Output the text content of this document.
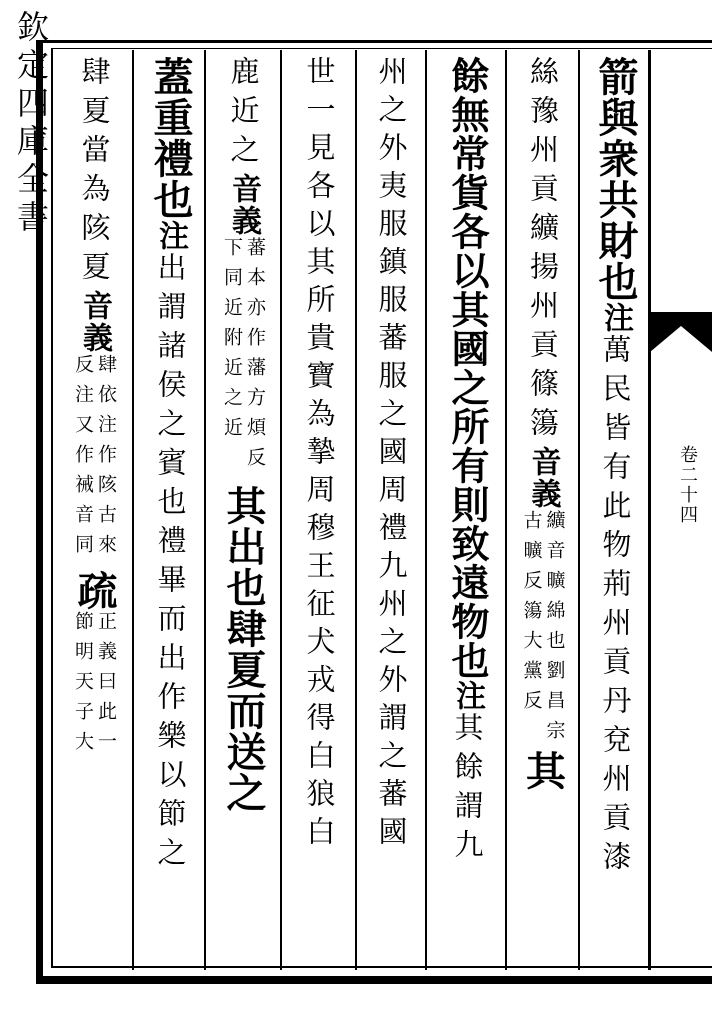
欽定四庫全書
卷二十四
箭與衆共財也
注
萬民皆有此物荊州貢丹兗州貢漆
絲豫州貢纊揚州貢篠簜
音義
纊音曠綿也劉昌宗
古曠反簜大黨反
其
餘無常貨各以其國之所有則致遠物也
注
其餘謂九
州之外夷服鎮服蕃服之國周禮九州之外謂之蕃國
世一見各以其所貴寶為摯周穆王征犬戎得白狼白
鹿近之
音義
蕃本亦作藩方煩反
下同近附近之近
其出也肆夏而送之
蓋重禮也
注
出謂諸侯之賓也禮畢而出作樂以節之
肆夏當為陔夏
音義
肆依注作陔古來
反注又作祴音同
疏
正義曰此一
節明天子大
